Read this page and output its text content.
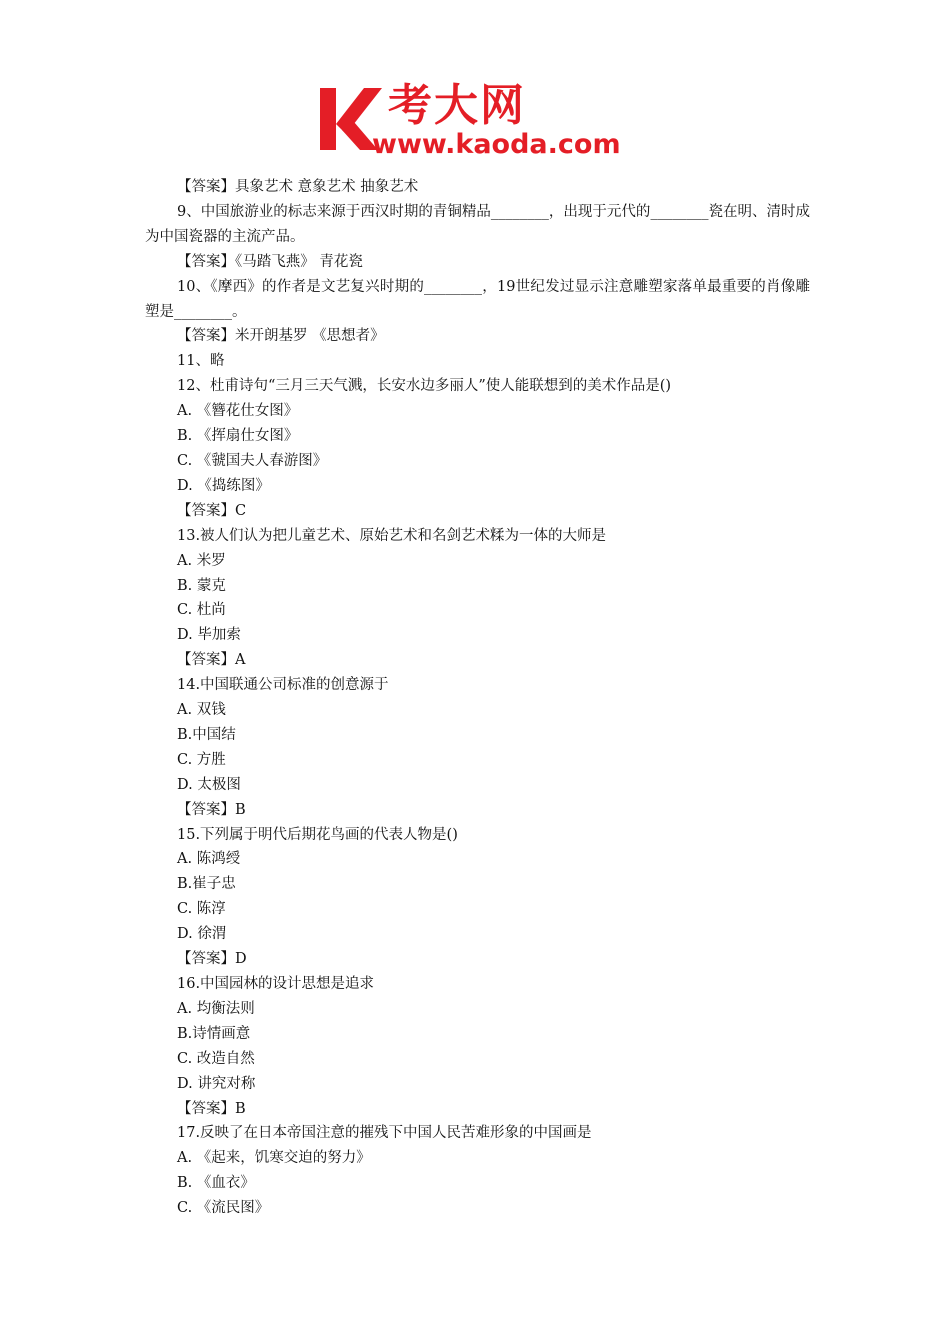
考大网
www.kaoda.com

【答案】具象艺术 意象艺术 抽象艺术

9、中国旅游业的标志来源于西汉时期的青铜精品________，出现于元代的________瓷在明、清时成为中国瓷器的主流产品。

【答案】《马踏飞燕》 青花瓷

10、《摩西》的作者是文艺复兴时期的________，19世纪发过显示注意雕塑家落单最重要的肖像雕塑是________。

【答案】米开朗基罗 《思想者》

11、略

12、杜甫诗句“三月三天气溅，长安水边多丽人”使人能联想到的美术作品是()

A. 《簪花仕女图》

B. 《挥扇仕女图》

C. 《虢国夫人春游图》

D. 《捣练图》

【答案】C

13.被人们认为把儿童艺术、原始艺术和名剑艺术糅为一体的大师是

A. 米罗

B. 蒙克

C. 杜尚

D. 毕加索

【答案】A

14.中国联通公司标准的创意源于

A. 双钱

B.中国结

C. 方胜

D. 太极图

【答案】B

15.下列属于明代后期花鸟画的代表人物是()

A. 陈鸿绶

B.崔子忠

C. 陈淳

D. 徐渭

【答案】D

16.中国园林的设计思想是追求

A. 均衡法则

B.诗情画意

C. 改造自然

D. 讲究对称

【答案】B

17.反映了在日本帝国注意的摧残下中国人民苦难形象的中国画是

A. 《起来，饥寒交迫的努力》

B. 《血衣》

C. 《流民图》
